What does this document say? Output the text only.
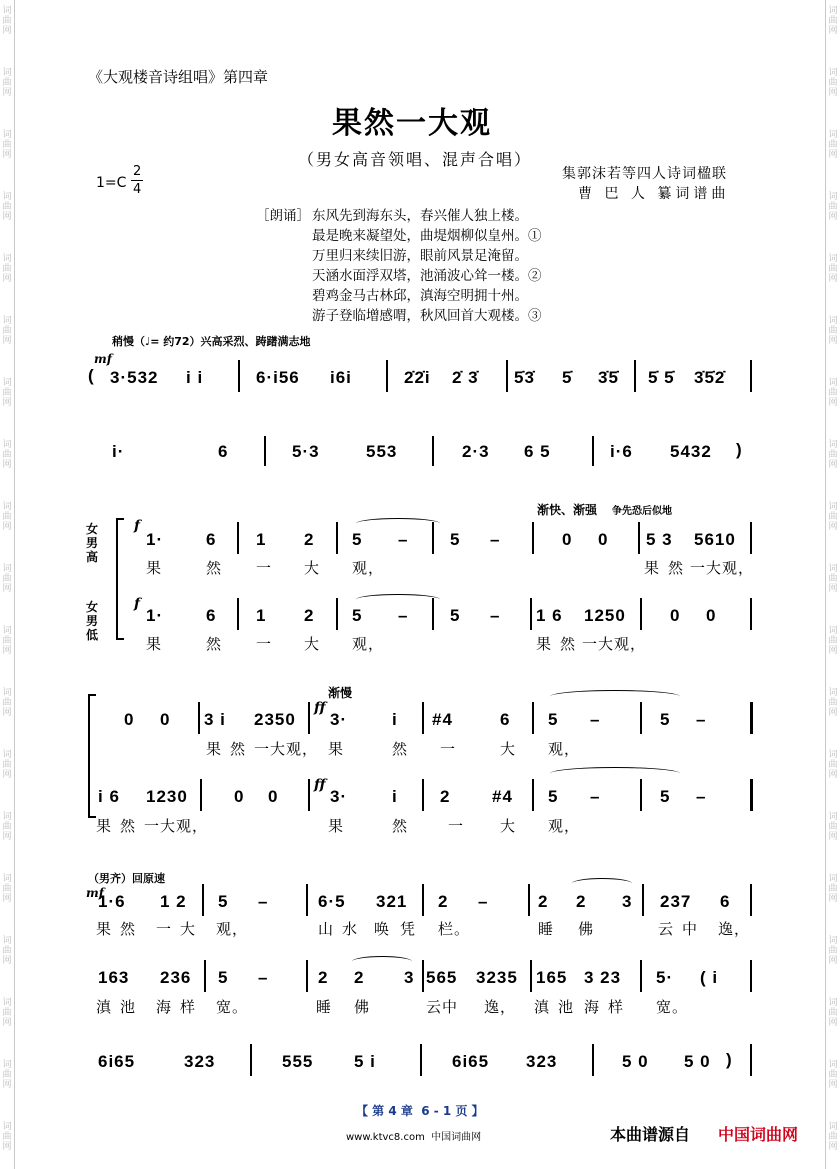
词曲网
词曲网
词曲网
词曲网
词曲网
词曲网
词曲网
词曲网
词曲网
词曲网
词曲网
词曲网
词曲网
词曲网
词曲网
词曲网
词曲网
词曲网
词曲网
词曲网
词曲网
词曲网
词曲网
词曲网
词曲网
词曲网
词曲网
词曲网
词曲网
词曲网
词曲网
词曲网
词曲网
词曲网
词曲网
词曲网
词曲网
词曲网
《大观楼音诗组唱》第四章
果然一大观
（男女高音领唱、混声合唱）
1=C
2
4
集郭沫若等四人诗词楹联
曹 巴 人 纂词谱曲
［朗诵］ 东风先到海东头，春兴催人独上楼。
最是晚来凝望处，曲堤烟柳似皇州。①
万里归来续旧游，眼前风景足淹留。
天涵水面浮双塔，池涌波心耸一楼。②
碧鸡金马古林邱，滇海空明拥十州。
游子登临增感喟，秋风回首大观楼。③
稍慢（♩= 约72）兴高采烈、踌躇满志地
mf
( 3·532 i i	6·i56 i6i	2̇2̇i 2̇ 3̇ 5̇3̇ 5̇ 3̇5̇ 5̇ 5̇ 3̇5̇2̇
i·	6	5·3	553	2·3 6 5	i·6 5432 )
渐快、渐强 争先恐后似地
女男高
女男低
f
f
1·	6 1 2 5 – 5 –	0 0 5 3 5610
果	然 一 大 观，	果 然 一大观，
1·	6 1 2 5 – 5 – 1 6 1250	0 0
果	然 一 大 观，	果 然 一大观，
渐慢
ff
ff
0 0 3 i 2350 3·	i #4	6 5 –	5 –
果 然 一大观， 果	然 一	大 观，
i 6 1230	0 0	3·	i 2 #4 5 –	5 –
果 然 一大观，	果	然	一 大 观，
（男齐）回原速
mf
1·6 1 2 5 –	6·5 321 2 –	2 2 3 237 6
果 然 一 大 观，	山 水 唤 凭 栏。	睡 佛	云 中 逸，
163 236 5 –	2 2 3 565 3235 165 3 23 5· ( i
滇 池 海 样 宽。	睡 佛	云中 逸， 滇 池 海 样 宽。
6i65	323	555 5 i	6i65 323	5 0 5 0 )
【 第 4 章  6 - 1 页 】
www.ktvc8.com  中国词曲网	本曲谱源自 中国词曲网
